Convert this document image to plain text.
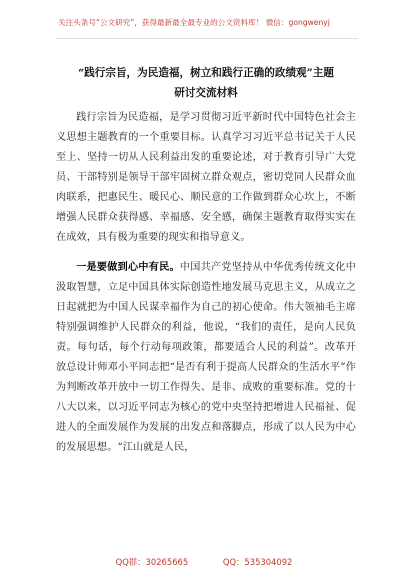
关注头条号“公文研究”，获得最新最全最专业的公文资料库！ 微信：gongwenyj
“践行宗旨，为民造福，树立和践行正确的政绩观”主题
研讨交流材料

践行宗旨为民造福，是学习贯彻习近平新时代中国特色社会主义思想主题教育的一个重要目标。认真学习习近平总书记关于人民至上、坚持一切从人民利益出发的重要论述，对于教育引导广大党员、干部特别是领导干部牢固树立群众观点，密切党同人民群众血肉联系，把惠民生、暖民心、顺民意的工作做到群众心坎上，不断增强人民群众获得感、幸福感、安全感，确保主题教育取得实实在在成效，具有极为重要的现实和指导意义。

一是要做到心中有民。中国共产党坚持从中华优秀传统文化中汲取智慧，立足中国具体实际创造性地发展马克思主义，从成立之日起就把为中国人民谋幸福作为自己的初心使命。伟大领袖毛主席特别强调维护人民群众的利益，他说，“我们的责任，是向人民负责。每句话，每个行动每项政策，都要适合人民的利益”。改革开放总设计师邓小平同志把“是否有利于提高人民群众的生活水平”作为判断改革开放中一切工作得失、是非、成败的重要标准。党的十八大以来，以习近平同志为核心的党中央坚持把增进人民福祉、促进人的全面发展作为发展的出发点和落脚点，形成了以人民为中心的发展思想。“江山就是人民，

QQ群：30265665	QQ：535304092
